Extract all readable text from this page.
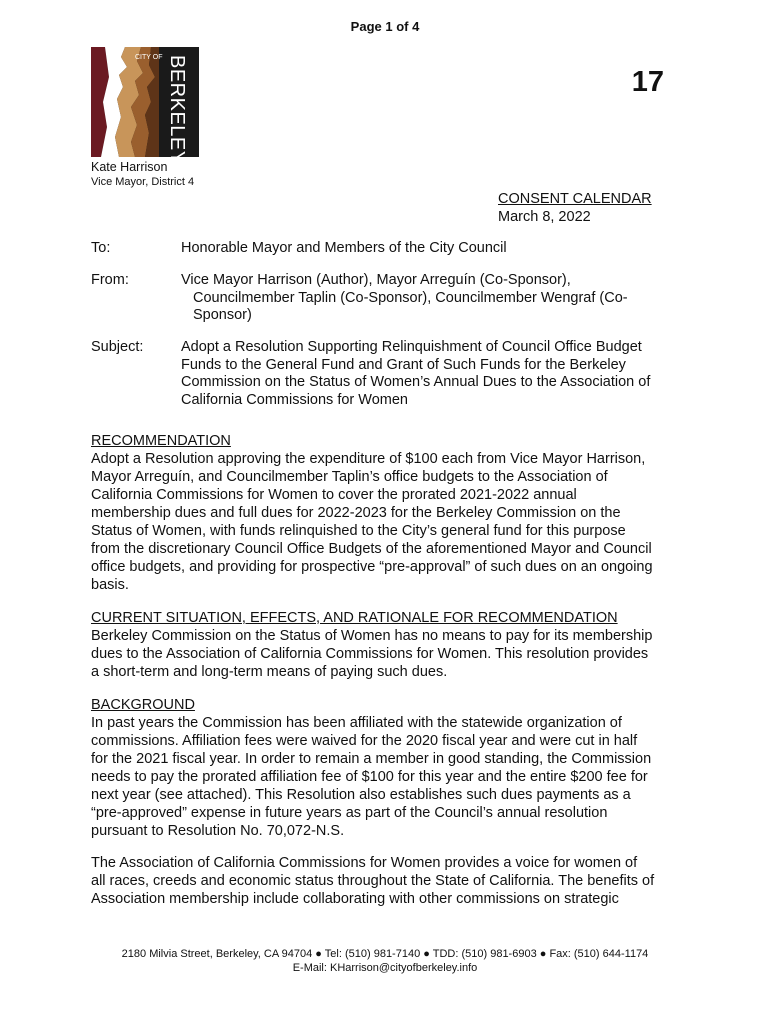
Page 1 of 4
CITY OF BERKELEY	17
Kate Harrison
Vice Mayor, District 4
CONSENT CALENDAR
March 8, 2022
To:	Honorable Mayor and Members of the City Council
From:	Vice Mayor Harrison (Author), Mayor Arreguín (Co-Sponsor),
Councilmember Taplin (Co-Sponsor), Councilmember Wengraf (Co-
Sponsor)
Subject:	Adopt a Resolution Supporting Relinquishment of Council Office Budget
Funds to the General Fund and Grant of Such Funds for the Berkeley
Commission on the Status of Women’s Annual Dues to the Association of
California Commissions for Women
RECOMMENDATION
Adopt a Resolution approving the expenditure of $100 each from Vice Mayor Harrison,
Mayor Arreguín, and Councilmember Taplin’s office budgets to the Association of
California Commissions for Women to cover the prorated 2021-2022 annual
membership dues and full dues for 2022-2023 for the Berkeley Commission on the
Status of Women, with funds relinquished to the City’s general fund for this purpose
from the discretionary Council Office Budgets of the aforementioned Mayor and Council
office budgets, and providing for prospective “pre-approval” of such dues on an ongoing
basis.
CURRENT SITUATION, EFFECTS, AND RATIONALE FOR RECOMMENDATION
Berkeley Commission on the Status of Women has no means to pay for its membership
dues to the Association of California Commissions for Women. This resolution provides
a short-term and long-term means of paying such dues.
BACKGROUND
In past years the Commission has been affiliated with the statewide organization of
commissions. Affiliation fees were waived for the 2020 fiscal year and were cut in half
for the 2021 fiscal year. In order to remain a member in good standing, the Commission
needs to pay the prorated affiliation fee of $100 for this year and the entire $200 fee for
next year (see attached). This Resolution also establishes such dues payments as a
“pre-approved” expense in future years as part of the Council’s annual resolution
pursuant to Resolution No. 70,072-N.S.
The Association of California Commissions for Women provides a voice for women of
all races, creeds and economic status throughout the State of California. The benefits of
Association membership include collaborating with other commissions on strategic
2180 Milvia Street, Berkeley, CA 94704 ● Tel: (510) 981-7140 ● TDD: (510) 981-6903 ● Fax: (510) 644-1174
E-Mail: KHarrison@cityofberkeley.info
